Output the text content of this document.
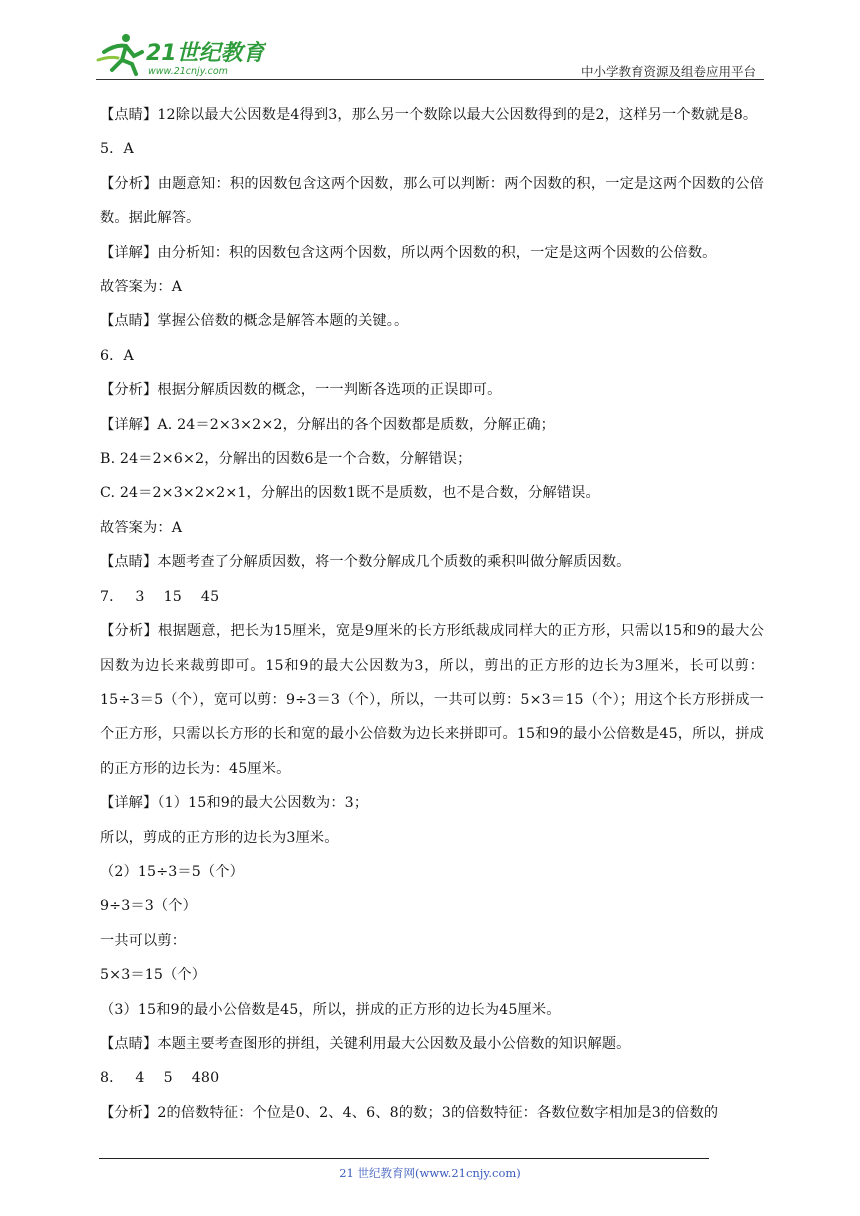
21世纪教育
www.21cnjy.com	中小学教育资源及组卷应用平台
【点睛】12除以最大公因数是4得到3，那么另一个数除以最大公因数得到的是2，这样另一个数就是8。
5．A
【分析】由题意知：积的因数包含这两个因数，那么可以判断：两个因数的积，一定是这两个因数的公倍数。据此解答。
【详解】由分析知：积的因数包含这两个因数，所以两个因数的积，一定是这两个因数的公倍数。
故答案为：A
【点睛】掌握公倍数的概念是解答本题的关键。。
6．A
【分析】根据分解质因数的概念，一一判断各选项的正误即可。
【详解】A. 24＝2×3×2×2，分解出的各个因数都是质数，分解正确；
B. 24＝2×6×2，分解出的因数6是一个合数，分解错误；
C. 24＝2×3×2×2×1，分解出的因数1既不是质数，也不是合数，分解错误。
故答案为：A
【点睛】本题考查了分解质因数，将一个数分解成几个质数的乘积叫做分解质因数。
7．　 3　 15　 45
【分析】根据题意，把长为15厘米，宽是9厘米的长方形纸裁成同样大的正方形，只需以15和9的最大公因数为边长来裁剪即可。15和9的最大公因数为3，所以，剪出的正方形的边长为3厘米，长可以剪：15÷3＝5（个），宽可以剪：9÷3＝3（个），所以，一共可以剪：5×3＝15（个）；用这个长方形拼成一个正方形，只需以长方形的长和宽的最小公倍数为边长来拼即可。15和9的最小公倍数是45，所以，拼成的正方形的边长为：45厘米。
【详解】（1）15和9的最大公因数为：3；
所以，剪成的正方形的边长为3厘米。
（2）15÷3＝5（个）
9÷3＝3（个）
一共可以剪：
5×3＝15（个）
（3）15和9的最小公倍数是45，所以，拼成的正方形的边长为45厘米。
【点睛】本题主要考查图形的拼组，关键利用最大公因数及最小公倍数的知识解题。
8．　 4　 5　 480
【分析】2的倍数特征：个位是0、2、4、6、8的数；3的倍数特征：各数位数字相加是3的倍数的
21 世纪教育网(www.21cnjy.com)
